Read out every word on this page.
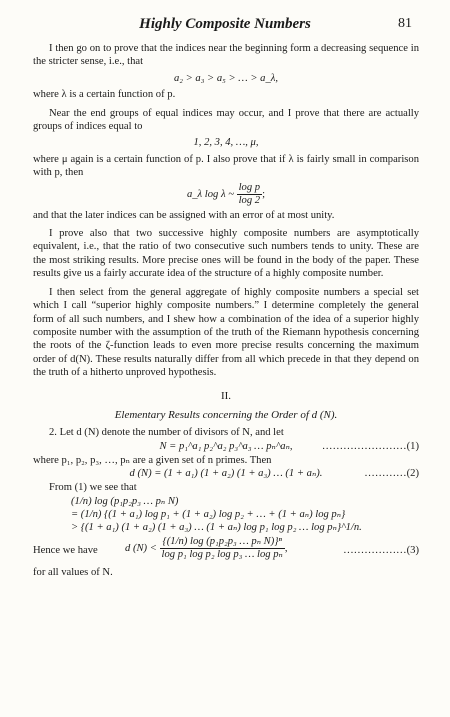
Highly Composite Numbers	81

I then go on to prove that the indices near the beginning form a decreasing sequence in the stricter sense, i.e., that

a₂ > a₃ > a₅ > … > a_λ,

where λ is a certain function of p.

Near the end groups of equal indices may occur, and I prove that there are actually groups of indices equal to

1, 2, 3, 4, …, μ,

where μ again is a certain function of p. I also prove that if λ is fairly small in comparison with p, then

a_λ log λ ~ $\frac{\text{log p}}{\log 2}$ ;

and that the later indices can be assigned with an error of at most unity.

I prove also that two successive highly composite numbers are asymptotically equivalent, i.e., that the ratio of two consecutive such numbers tends to unity. These are the most striking results. More precise ones will be found in the body of the paper. These results give us a fairly accurate idea of the structure of a highly composite number.

I then select from the general aggregate of highly composite numbers a special set which I call “superior highly composite numbers.” I determine completely the general form of all such numbers, and I shew how a combination of the idea of a superior highly composite number with the assumption of the truth of the Riemann hypothesis concerning the roots of the ζ-function leads to even more precise results concerning the maximum order of d(N). These results naturally differ from all which precede in that they depend on the truth of a hitherto unproved hypothesis.

II.
Elementary Results concerning the Order of d (N).

2. Let d (N) denote the number of divisors of N, and let

N = p₁^a₁ p₂^a₂ p₃^a₃ … pₙ^aₙ,	……………………(1)

where p₁, p₂, p₃, …, pₙ are a given set of n primes. Then

d (N) = (1 + a₁) (1 + a₂) (1 + a₃) … (1 + aₙ).	…………(2)

From (1) we see that

(1/n) log (p₁p₂p₃ … pₙ N)
= (1/n) {(1 + a₁) log p₁ + (1 + a₂) log p₂ + … + (1 + aₙ) log pₙ}
> {(1 + a₁) (1 + a₂) (1 + a₃) … (1 + aₙ) log p₁ log p₂ … log pₙ}^1/n.
Hence we have	d $(N) < \frac{\text{\{(1/n) log (p₁p₂p₃ … pₙ N)\}ⁿ}}{\text{log p₁ log p₂ log p₃ … log pₙ}}$ ,	………………(3)

for all values of N.
